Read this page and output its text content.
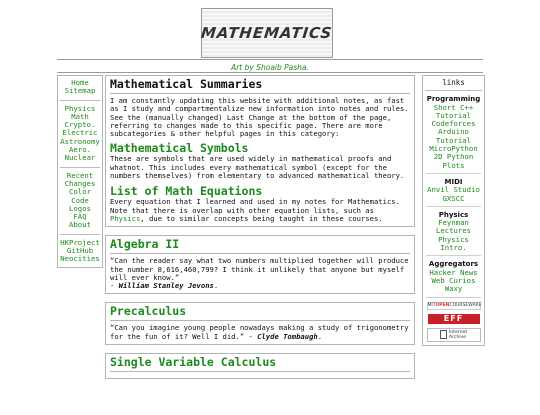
MATHEMATICS
Art by Shoaib Pasha.
Home
Sitemap
Physics
Math
Crypto.
Electric
Astronomy
Aero.
Nuclear
Recent
Changes
Color
Code
Logos
FAQ
About
HKProject
GitHub
Neocities
Mathematical Summaries

I am constantly updating this website with additional notes, as fast as I study and compartmentalize new information into notes and rules. See the (manually changed) Last Change at the bottom of the page, referring to changes made to this specific page. There are more subcategories & other helpful pages in this category:

Mathematical Symbols
These are symbols that are used widely in mathematical proofs and whatnot. This includes every mathematical symbol (except for the numbers themselves) from elementary to advanced mathematical theory.
List of Math Equations
Every equation that I learned and used in my notes for Mathematics. Note that there is overlap with other equation lists, such as Physics, due to similar concepts being taught in these courses.
Algebra II
“Can the reader say what two numbers multiplied together will produce the number 8,616,460,799? I think it unlikely that anyone but myself will ever know.”
- William Stanley Jevons.
Precalculus
“Can you imagine young people nowadays making a study of trigonometry for the fun of it? Well I did.” - Clyde Tombaugh.
Single Variable Calculus
links
Programming
Short C++
Tutorial
Codeforces
Arduino
Tutorial
MicroPython
2D Python
Plots
MIDI
Anvil Studio
GXSCC
Physics
Feynman
Lectures
Physics
Intro.
Aggregators
Hacker News
Web Curios
Waxy
MITOPENCOURSEWARE
EFF
Internet
Archive
